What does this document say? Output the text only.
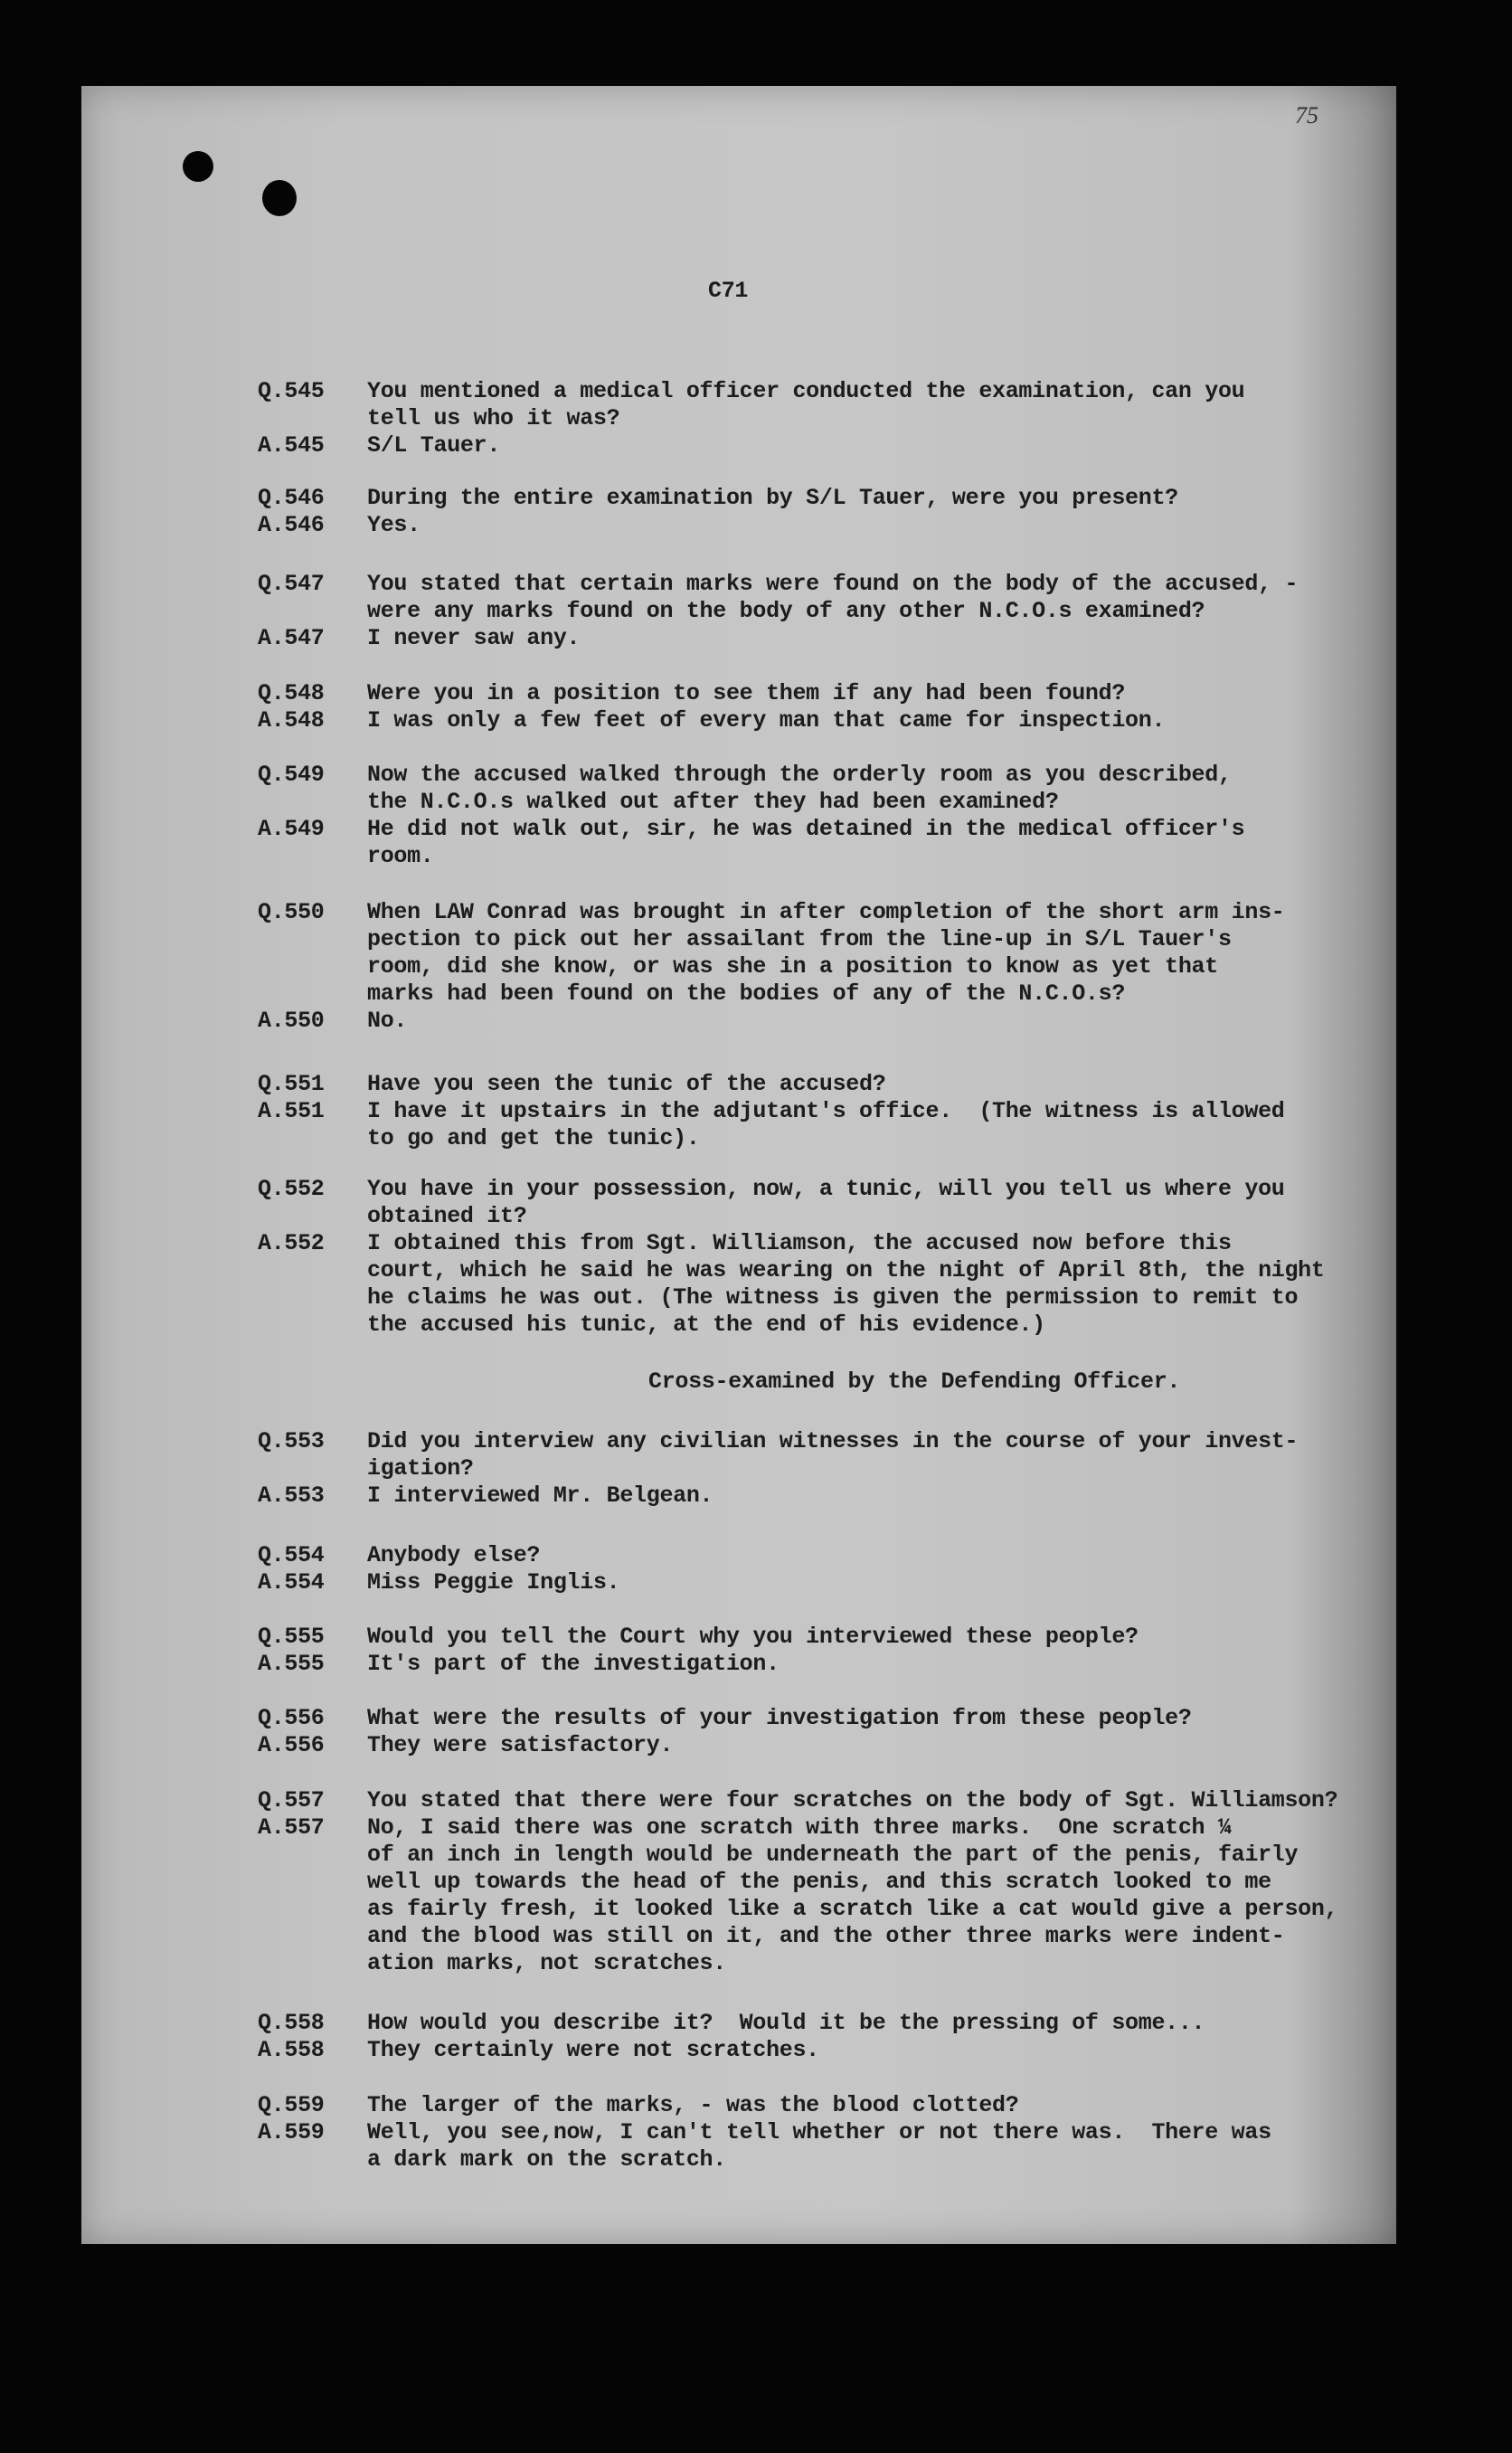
75
C71
Cross-examined by the Defending Officer.
Q.545	You mentioned a medical officer conducted the examination, can you
tell us who it was?
A.545	S/L Tauer.
Q.546	During the entire examination by S/L Tauer, were you present?
A.546	Yes.
Q.547	You stated that certain marks were found on the body of the accused, -
were any marks found on the body of any other N.C.O.s examined?
A.547	I never saw any.
Q.548	Were you in a position to see them if any had been found?
A.548	I was only a few feet of every man that came for inspection.
Q.549	Now the accused walked through the orderly room as you described,
the N.C.O.s walked out after they had been examined?
A.549	He did not walk out, sir, he was detained in the medical officer's
room.
Q.550	When LAW Conrad was brought in after completion of the short arm ins-
pection to pick out her assailant from the line-up in S/L Tauer's
room, did she know, or was she in a position to know as yet that
marks had been found on the bodies of any of the N.C.O.s?
A.550	No.
Q.551	Have you seen the tunic of the accused?
A.551	I have it upstairs in the adjutant's office.  (The witness is allowed
to go and get the tunic).
Q.552	You have in your possession, now, a tunic, will you tell us where you
obtained it?
A.552	I obtained this from Sgt. Williamson, the accused now before this
court, which he said he was wearing on the night of April 8th, the night
he claims he was out. (The witness is given the permission to remit to
the accused his tunic, at the end of his evidence.)
Q.553	Did you interview any civilian witnesses in the course of your invest-
igation?
A.553	I interviewed Mr. Belgean.
Q.554	Anybody else?
A.554	Miss Peggie Inglis.
Q.555	Would you tell the Court why you interviewed these people?
A.555	It's part of the investigation.
Q.556	What were the results of your investigation from these people?
A.556	They were satisfactory.
Q.557	You stated that there were four scratches on the body of Sgt. Williamson?
A.557	No, I said there was one scratch with three marks.  One scratch ¼
of an inch in length would be underneath the part of the penis, fairly
well up towards the head of the penis, and this scratch looked to me
as fairly fresh, it looked like a scratch like a cat would give a person,
and the blood was still on it, and the other three marks were indent-
ation marks, not scratches.
Q.558	How would you describe it?  Would it be the pressing of some...
A.558	They certainly were not scratches.
Q.559	The larger of the marks, - was the blood clotted?
A.559	Well, you see,now, I can't tell whether or not there was.  There was
a dark mark on the scratch.
